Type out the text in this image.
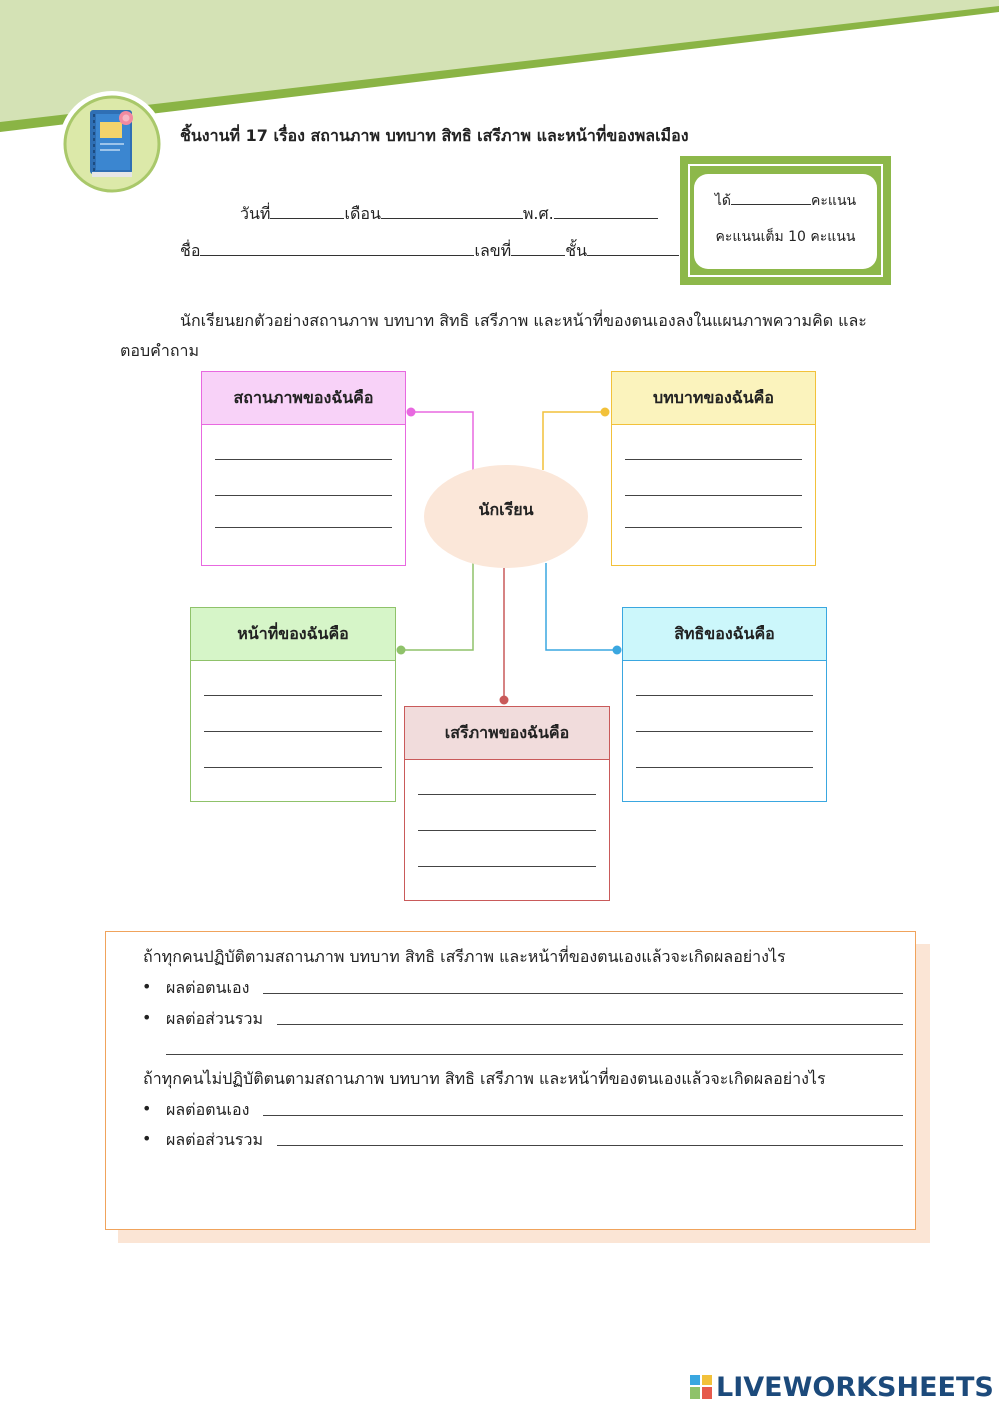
ชิ้นงานที่ 17 เรื่อง สถานภาพ บทบาท สิทธิ เสรีภาพ และหน้าที่ของพลเมือง
วันที่	เดือน	พ.ศ.
ชื่อ	เลขที่	ชั้น
ได้	คะแนน
คะแนนเต็ม 10 คะแนน
นักเรียนยกตัวอย่างสถานภาพ บทบาท สิทธิ เสรีภาพ และหน้าที่ของตนเองลงในแผนภาพความคิด และตอบคำถาม
สถานภาพของฉันคือ	บทบาทของฉันคือ
นักเรียน
หน้าที่ของฉันคือ	สิทธิของฉันคือ
เสรีภาพของฉันคือ
ถ้าทุกคนปฏิบัติตามสถานภาพ บทบาท สิทธิ เสรีภาพ และหน้าที่ของตนเองแล้วจะเกิดผลอย่างไร
• ผลต่อตนเอง
• ผลต่อส่วนรวม
ถ้าทุกคนไม่ปฏิบัติตนตามสถานภาพ บทบาท สิทธิ เสรีภาพ และหน้าที่ของตนเองแล้วจะเกิดผลอย่างไร
• ผลต่อตนเอง
• ผลต่อส่วนรวม
LIVEWORKSHEETS
